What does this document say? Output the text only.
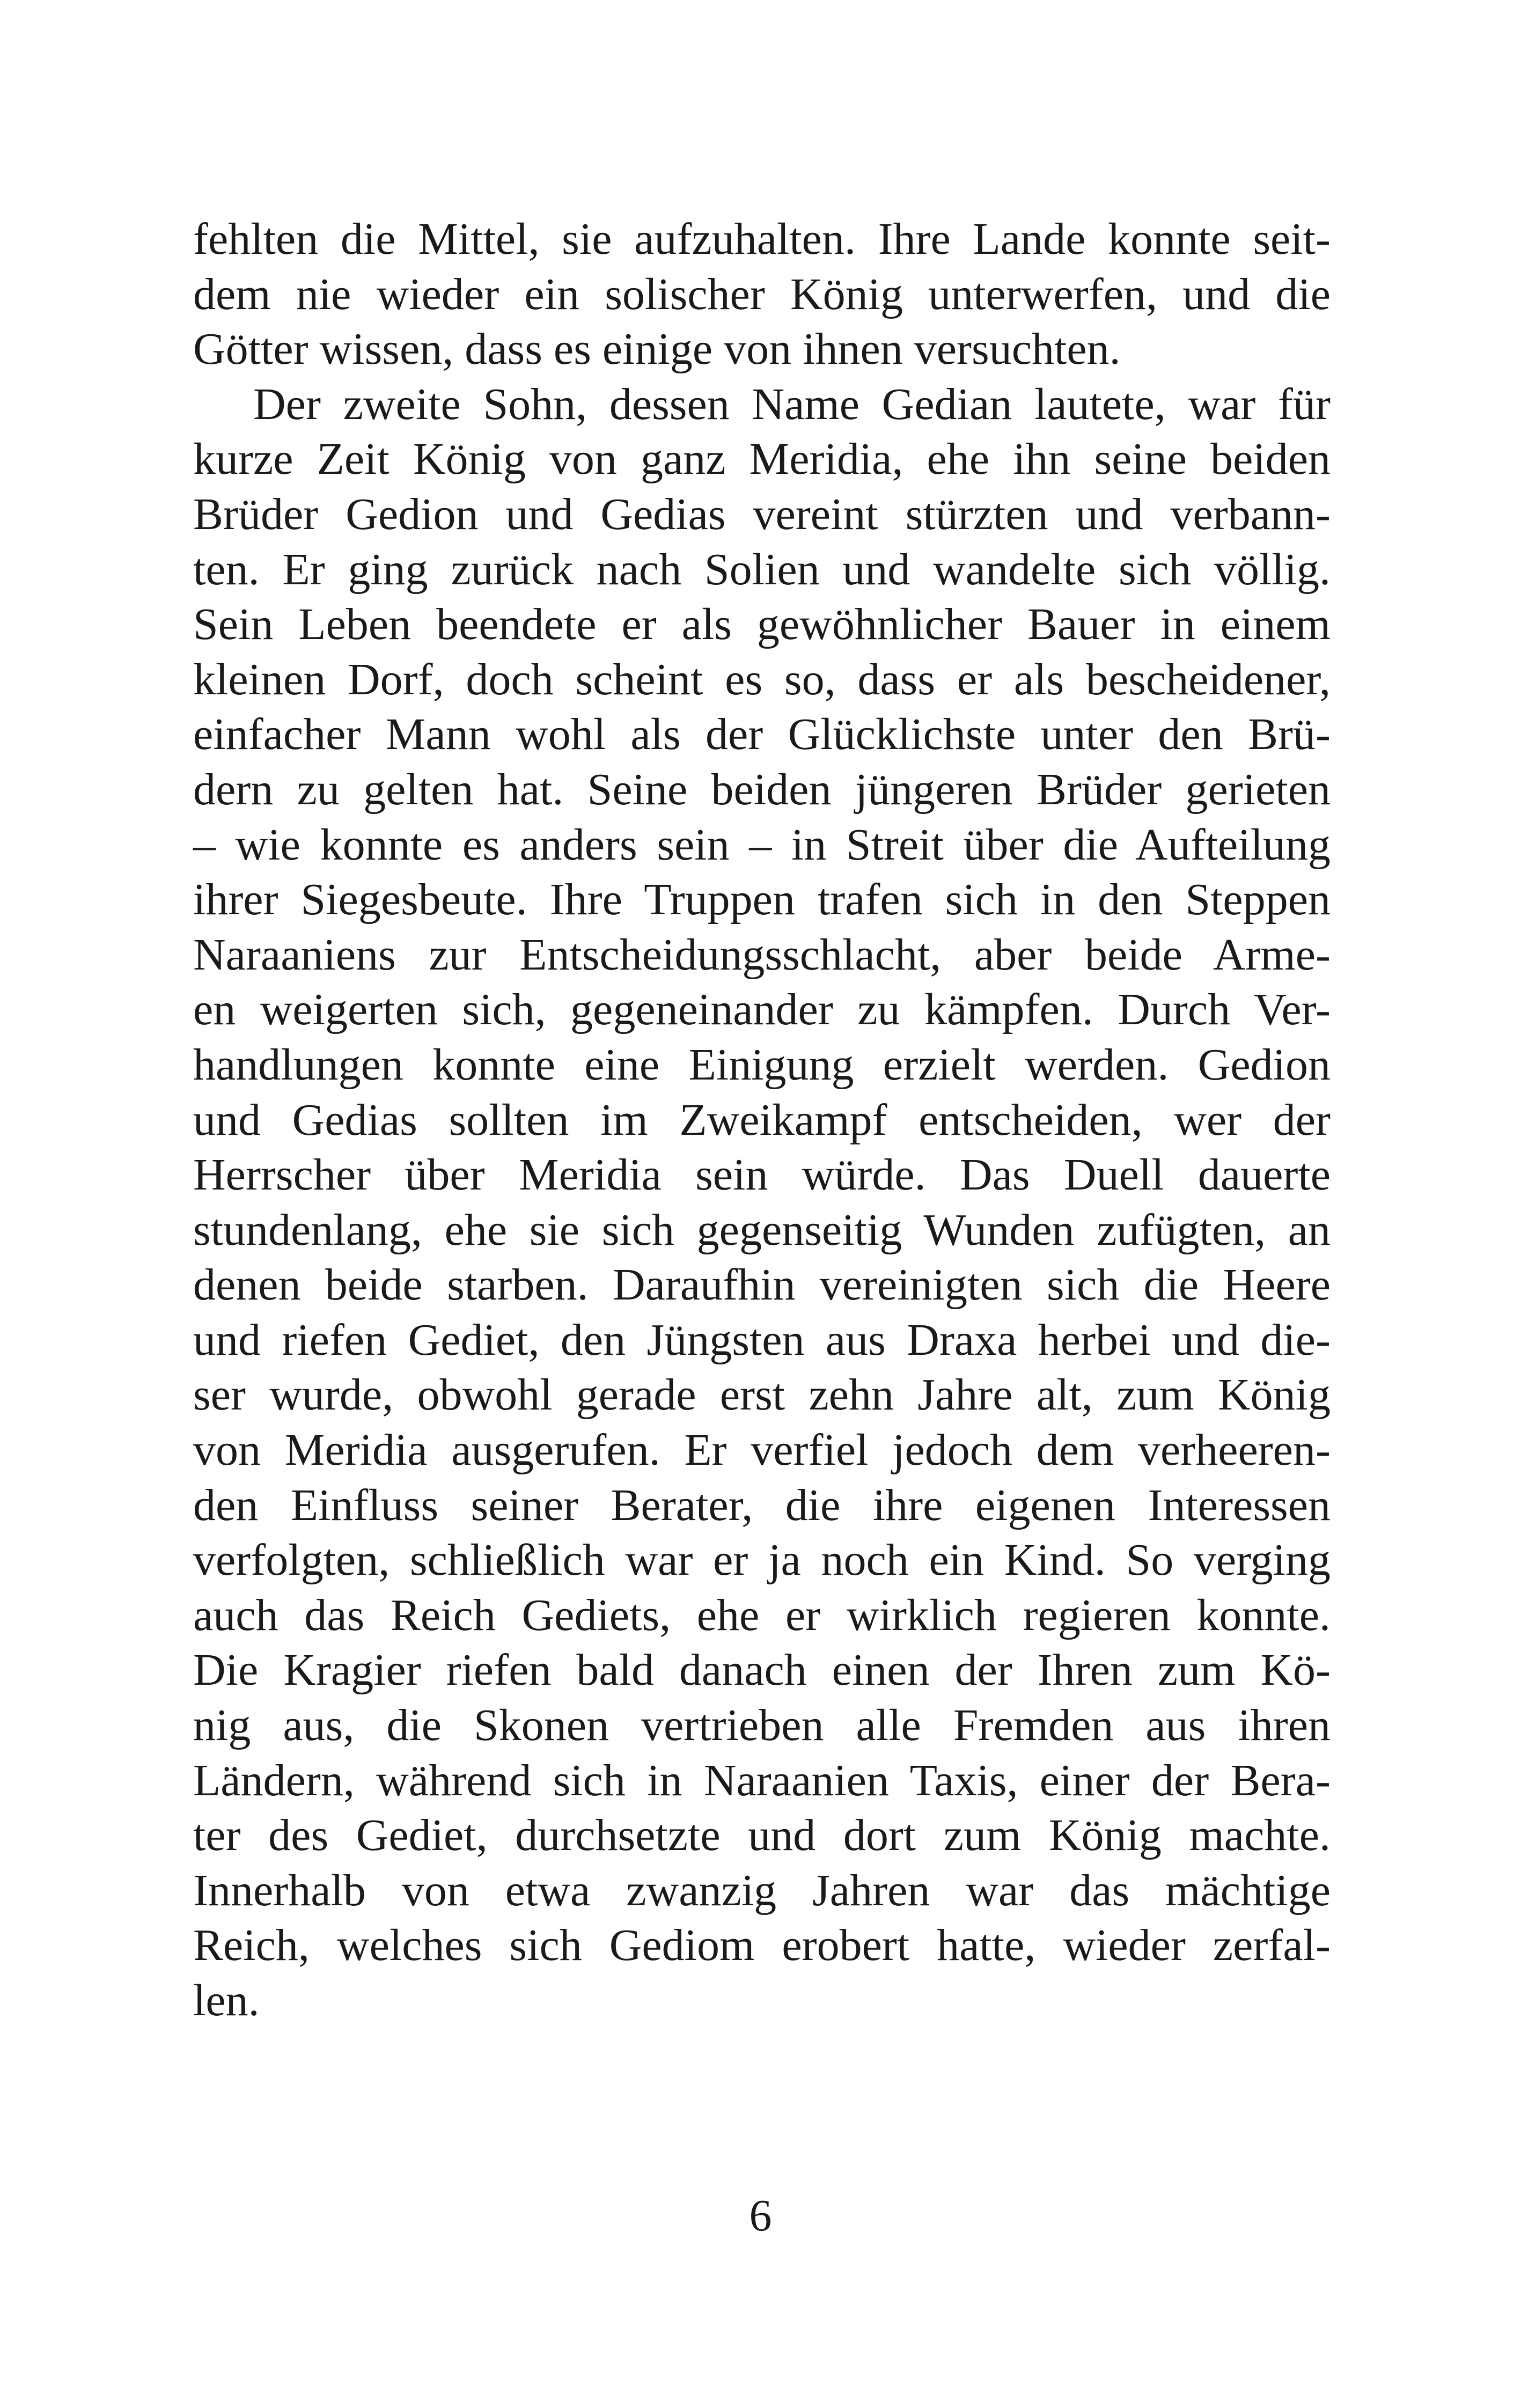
fehlten die Mittel, sie aufzuhalten. Ihre Lande konnte seit-
dem nie wieder ein solischer König unterwerfen, und die
Götter wissen, dass es einige von ihnen versuchten.
Der zweite Sohn, dessen Name Gedian lautete, war für
kurze Zeit König von ganz Meridia, ehe ihn seine beiden
Brüder Gedion und Gedias vereint stürzten und verbann-
ten. Er ging zurück nach Solien und wandelte sich völlig.
Sein Leben beendete er als gewöhnlicher Bauer in einem
kleinen Dorf, doch scheint es so, dass er als bescheidener,
einfacher Mann wohl als der Glücklichste unter den Brü-
dern zu gelten hat. Seine beiden jüngeren Brüder gerieten
– wie konnte es anders sein – in Streit über die Aufteilung
ihrer Siegesbeute. Ihre Truppen trafen sich in den Steppen
Naraaniens zur Entscheidungsschlacht, aber beide Arme-
en weigerten sich, gegeneinander zu kämpfen. Durch Ver-
handlungen konnte eine Einigung erzielt werden. Gedion
und Gedias sollten im Zweikampf entscheiden, wer der
Herrscher über Meridia sein würde. Das Duell dauerte
stundenlang, ehe sie sich gegenseitig Wunden zufügten, an
denen beide starben. Daraufhin vereinigten sich die Heere
und riefen Gediet, den Jüngsten aus Draxa herbei und die-
ser wurde, obwohl gerade erst zehn Jahre alt, zum König
von Meridia ausgerufen. Er verfiel jedoch dem verheeren-
den Einfluss seiner Berater, die ihre eigenen Interessen
verfolgten, schließlich war er ja noch ein Kind. So verging
auch das Reich Gediets, ehe er wirklich regieren konnte.
Die Kragier riefen bald danach einen der Ihren zum Kö-
nig aus, die Skonen vertrieben alle Fremden aus ihren
Ländern, während sich in Naraanien Taxis, einer der Bera-
ter des Gediet, durchsetzte und dort zum König machte.
Innerhalb von etwa zwanzig Jahren war das mächtige
Reich, welches sich Gediom erobert hatte, wieder zerfal-
len.
6
